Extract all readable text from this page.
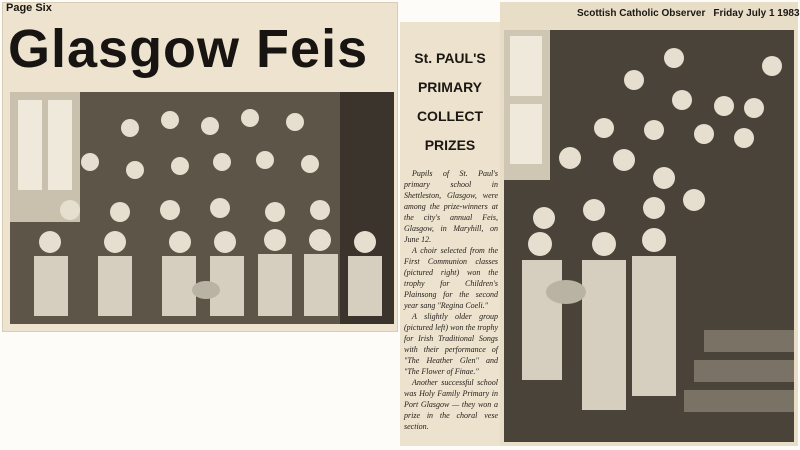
Page Six
Glasgow Feis
Scottish Catholic Observer Friday July 1 1983
St. PAUL'S
PRIMARY
COLLECT
PRIZES

Pupils of St. Paul's primary school in Shettleston, Glasgow, were among the prize-winners at the city's annual Feis, Glasgow, in Maryhill, on June 12.

A choir selected from the First Communion classes (pictured right) won the trophy for Children's Plainsong for the second year sang "Regina Coeli."

A slightly older group (pictured left) won the trophy for Irish Traditional Songs with their performance of "The Heather Glen" and "The Flower of Finae."

Another successful school was Holy Family Primary in Port Glasgow — they won a prize in the choral vese section.
